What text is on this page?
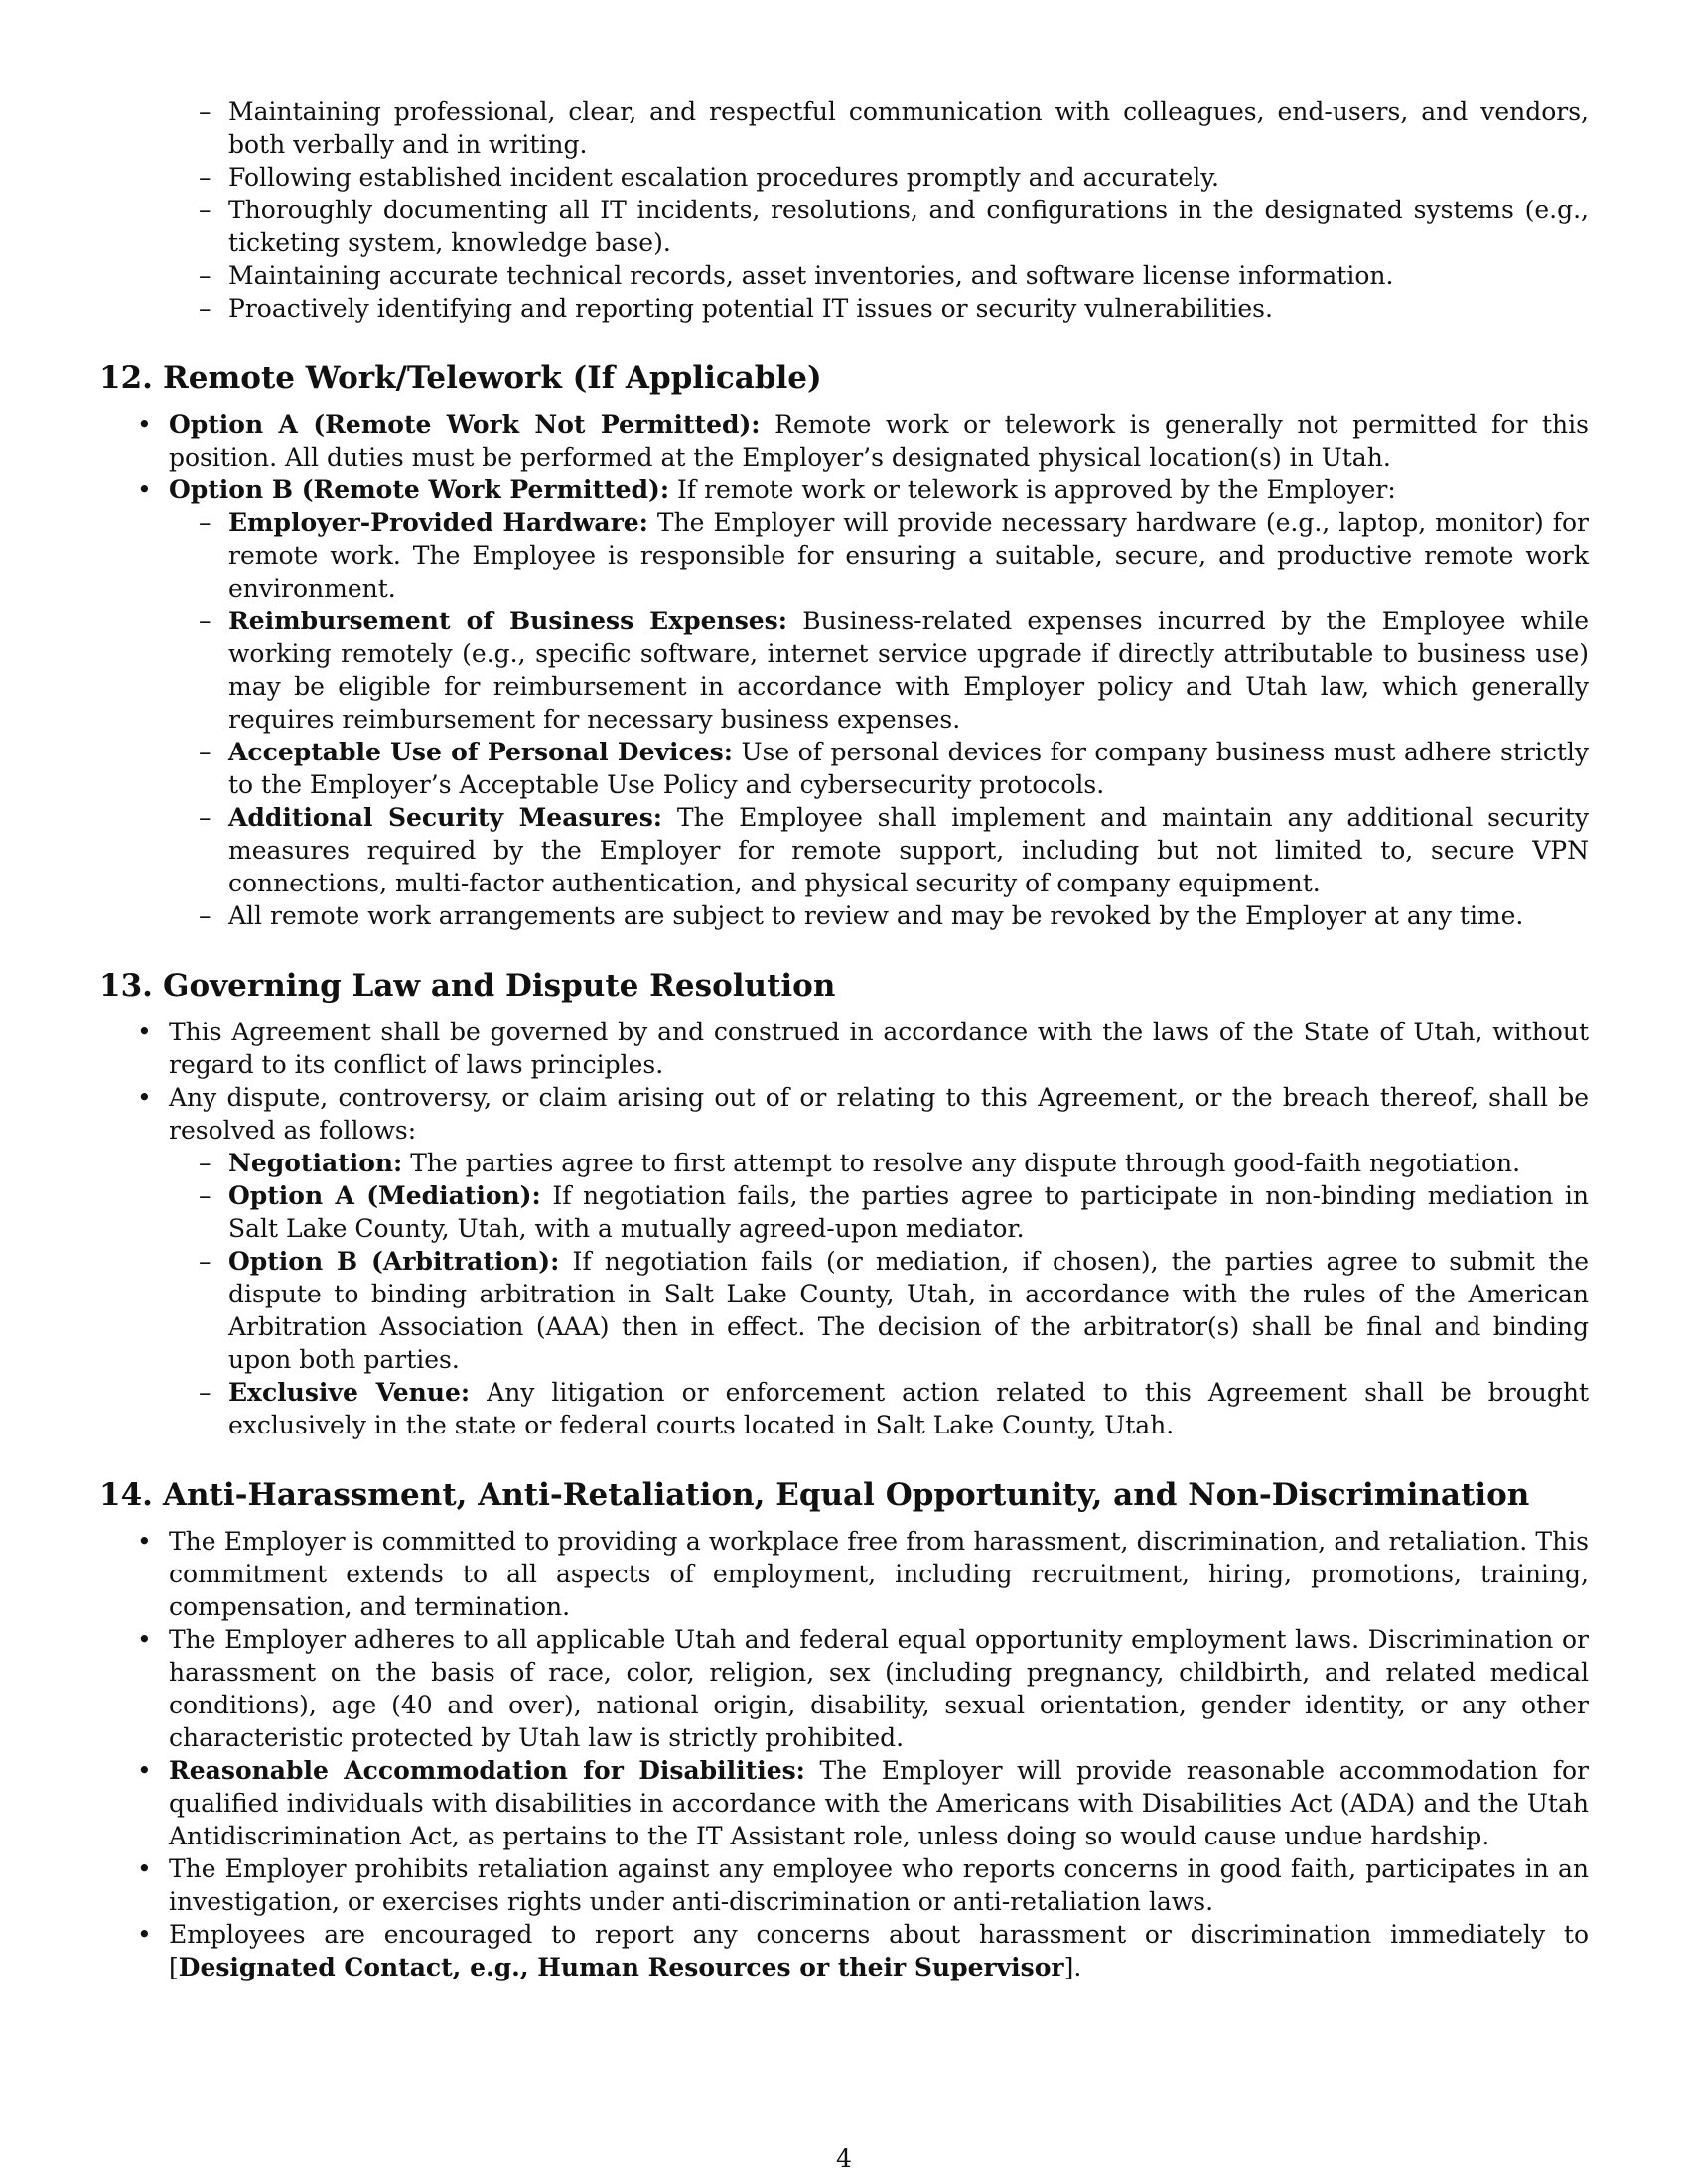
– Maintaining professional, clear, and respectful communication with colleagues, end-users, and vendors, both verbally and in writing.
– Following established incident escalation procedures promptly and accurately.
– Thoroughly documenting all IT incidents, resolutions, and configurations in the designated systems (e.g., ticketing system, knowledge base).
– Maintaining accurate technical records, asset inventories, and software license information.
– Proactively identifying and reporting potential IT issues or security vulnerabilities.
12. Remote Work/Telework (If Applicable)
• Option A (Remote Work Not Permitted): Remote work or telework is generally not permitted for this position. All duties must be performed at the Employer’s designated physical location(s) in Utah.
• Option B (Remote Work Permitted): If remote work or telework is approved by the Employer:
– Employer-Provided Hardware: The Employer will provide necessary hardware (e.g., laptop, monitor) for remote work. The Employee is responsible for ensuring a suitable, secure, and productive remote work environment.
– Reimbursement of Business Expenses: Business-related expenses incurred by the Employee while working remotely (e.g., specific software, internet service upgrade if directly attributable to business use) may be eligible for reimbursement in accordance with Employer policy and Utah law, which generally requires reimbursement for necessary business expenses.
– Acceptable Use of Personal Devices: Use of personal devices for company business must adhere strictly to the Employer’s Acceptable Use Policy and cybersecurity protocols.
– Additional Security Measures: The Employee shall implement and maintain any additional security measures required by the Employer for remote support, including but not limited to, secure VPN connections, multi-factor authentication, and physical security of company equipment.
– All remote work arrangements are subject to review and may be revoked by the Employer at any time.
13. Governing Law and Dispute Resolution
• This Agreement shall be governed by and construed in accordance with the laws of the State of Utah, without regard to its conflict of laws principles.
• Any dispute, controversy, or claim arising out of or relating to this Agreement, or the breach thereof, shall be resolved as follows:
– Negotiation: The parties agree to first attempt to resolve any dispute through good-faith negotiation.
– Option A (Mediation): If negotiation fails, the parties agree to participate in non-binding mediation in Salt Lake County, Utah, with a mutually agreed-upon mediator.
– Option B (Arbitration): If negotiation fails (or mediation, if chosen), the parties agree to submit the dispute to binding arbitration in Salt Lake County, Utah, in accordance with the rules of the American Arbitration Association (AAA) then in effect. The decision of the arbitrator(s) shall be final and binding upon both parties.
– Exclusive Venue: Any litigation or enforcement action related to this Agreement shall be brought exclusively in the state or federal courts located in Salt Lake County, Utah.
14. Anti-Harassment, Anti-Retaliation, Equal Opportunity, and Non-Discrimination
• The Employer is committed to providing a workplace free from harassment, discrimination, and retaliation. This commitment extends to all aspects of employment, including recruitment, hiring, promotions, training, compensation, and termination.
• The Employer adheres to all applicable Utah and federal equal opportunity employment laws. Discrimination or harassment on the basis of race, color, religion, sex (including pregnancy, childbirth, and related medical conditions), age (40 and over), national origin, disability, sexual orientation, gender identity, or any other characteristic protected by Utah law is strictly prohibited.
• Reasonable Accommodation for Disabilities: The Employer will provide reasonable accommodation for qualified individuals with disabilities in accordance with the Americans with Disabilities Act (ADA) and the Utah Antidiscrimination Act, as pertains to the IT Assistant role, unless doing so would cause undue hardship.
• The Employer prohibits retaliation against any employee who reports concerns in good faith, participates in an investigation, or exercises rights under anti-discrimination or anti-retaliation laws.
• Employees are encouraged to report any concerns about harassment or discrimination immediately to [Designated Contact, e.g., Human Resources or their Supervisor].
4
